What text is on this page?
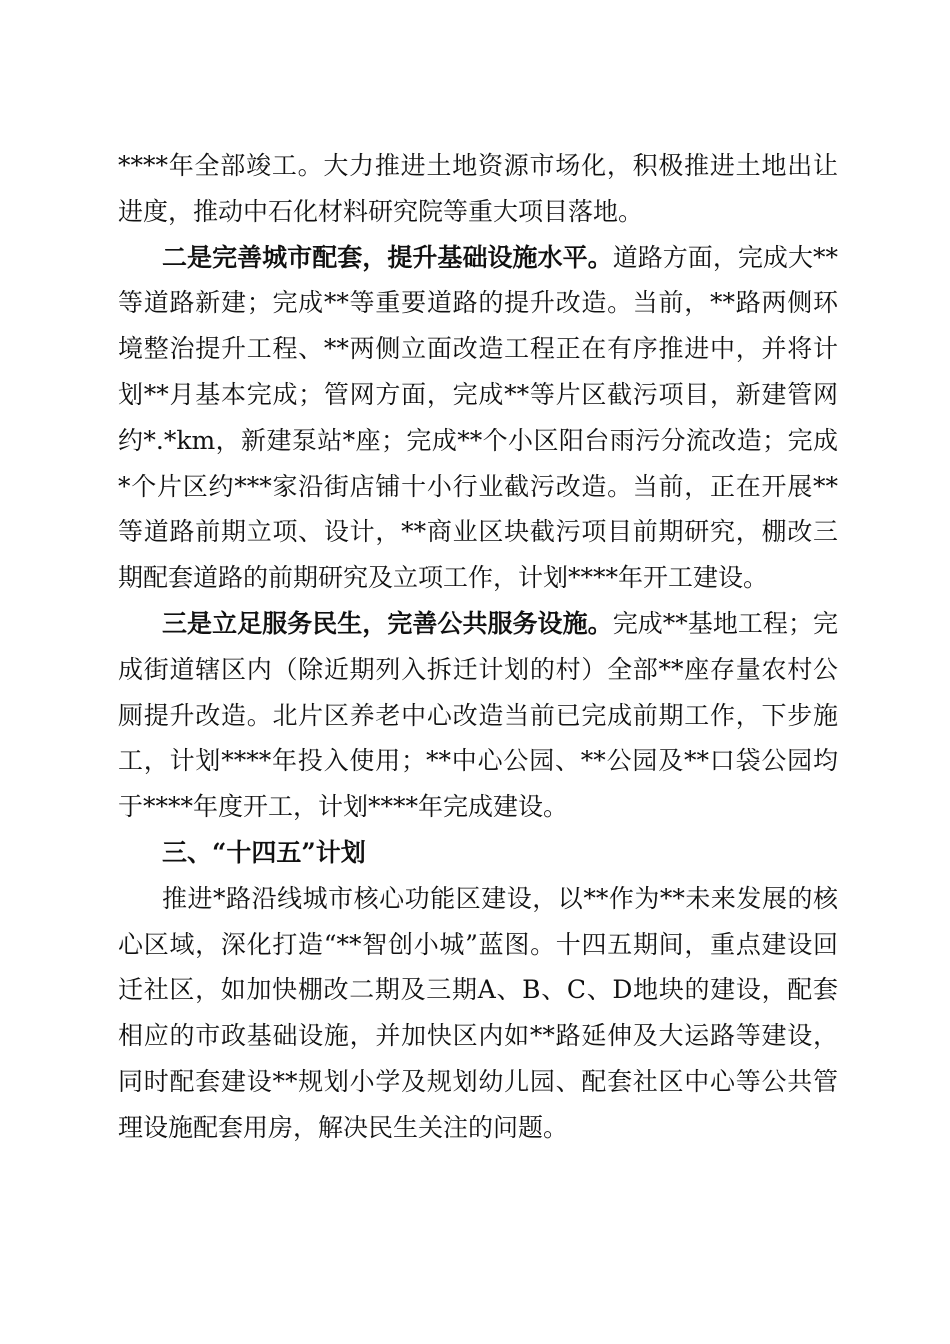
****年全部竣工。大力推进土地资源市场化，积极推进土地出让进度，推动中石化材料研究院等重大项目落地。

二是完善城市配套，提升基础设施水平。道路方面，完成大**等道路新建；完成**等重要道路的提升改造。当前，**路两侧环境整治提升工程、**两侧立面改造工程正在有序推进中，并将计划**月基本完成；管网方面，完成**等片区截污项目，新建管网约*.*km，新建泵站*座；完成**个小区阳台雨污分流改造；完成*个片区约***家沿街店铺十小行业截污改造。当前，正在开展**等道路前期立项、设计，**商业区块截污项目前期研究，棚改三期配套道路的前期研究及立项工作，计划****年开工建设。

三是立足服务民生，完善公共服务设施。完成**基地工程；完成街道辖区内（除近期列入拆迁计划的村）全部**座存量农村公厕提升改造。北片区养老中心改造当前已完成前期工作，下步施工，计划****年投入使用；**中心公园、**公园及**口袋公园均于****年度开工，计划****年完成建设。

三、“十四五”计划

推进*路沿线城市核心功能区建设，以**作为**未来发展的核心区域，深化打造“**智创小城”蓝图。十四五期间，重点建设回迁社区，如加快棚改二期及三期A、B、C、D地块的建设，配套相应的市政基础设施，并加快区内如**路延伸及大运路等建设，同时配套建设**规划小学及规划幼儿园、配套社区中心等公共管理设施配套用房，解决民生关注的问题。
